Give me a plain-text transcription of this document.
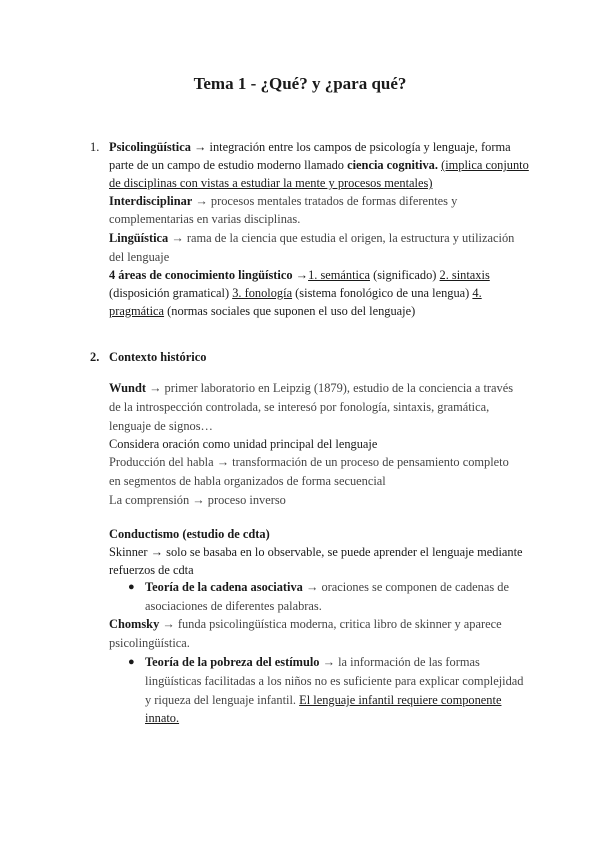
Tema 1 - ¿Qué? y ¿para qué?
1. Psicolingüística → integración entre los campos de psicología y lenguaje, forma
parte de un campo de estudio moderno llamado ciencia cognitiva. (implica conjunto
de disciplinas con vistas a estudiar la mente y procesos mentales)
Interdisciplinar → procesos mentales tratados de formas diferentes y
complementarias en varias disciplinas.
Lingüística → rama de la ciencia que estudia el origen, la estructura y utilización
del lenguaje
4 áreas de conocimiento lingüístico →1. semántica (significado) 2. sintaxis
(disposición gramatical) 3. fonología (sistema fonológico de una lengua) 4.
pragmática (normas sociales que suponen el uso del lenguaje)
2. Contexto histórico
Wundt → primer laboratorio en Leipzig (1879), estudio de la conciencia a través
de la introspección controlada, se interesó por fonología, sintaxis, gramática,
lenguaje de signos…
Considera oración como unidad principal del lenguaje
Producción del habla → transformación de un proceso de pensamiento completo
en segmentos de habla organizados de forma secuencial
La comprensión → proceso inverso
Conductismo (estudio de cdta)
Skinner → solo se basaba en lo observable, se puede aprender el lenguaje mediante
refuerzos de cdta
● Teoría de la cadena asociativa → oraciones se componen de cadenas de
asociaciones de diferentes palabras.
Chomsky → funda psicolingüística moderna, critica libro de skinner y aparece
psicolingüística.
● Teoría de la pobreza del estímulo → la información de las formas
lingüísticas facilitadas a los niños no es suficiente para explicar complejidad
y riqueza del lenguaje infantil. El lenguaje infantil requiere componente
innato.
